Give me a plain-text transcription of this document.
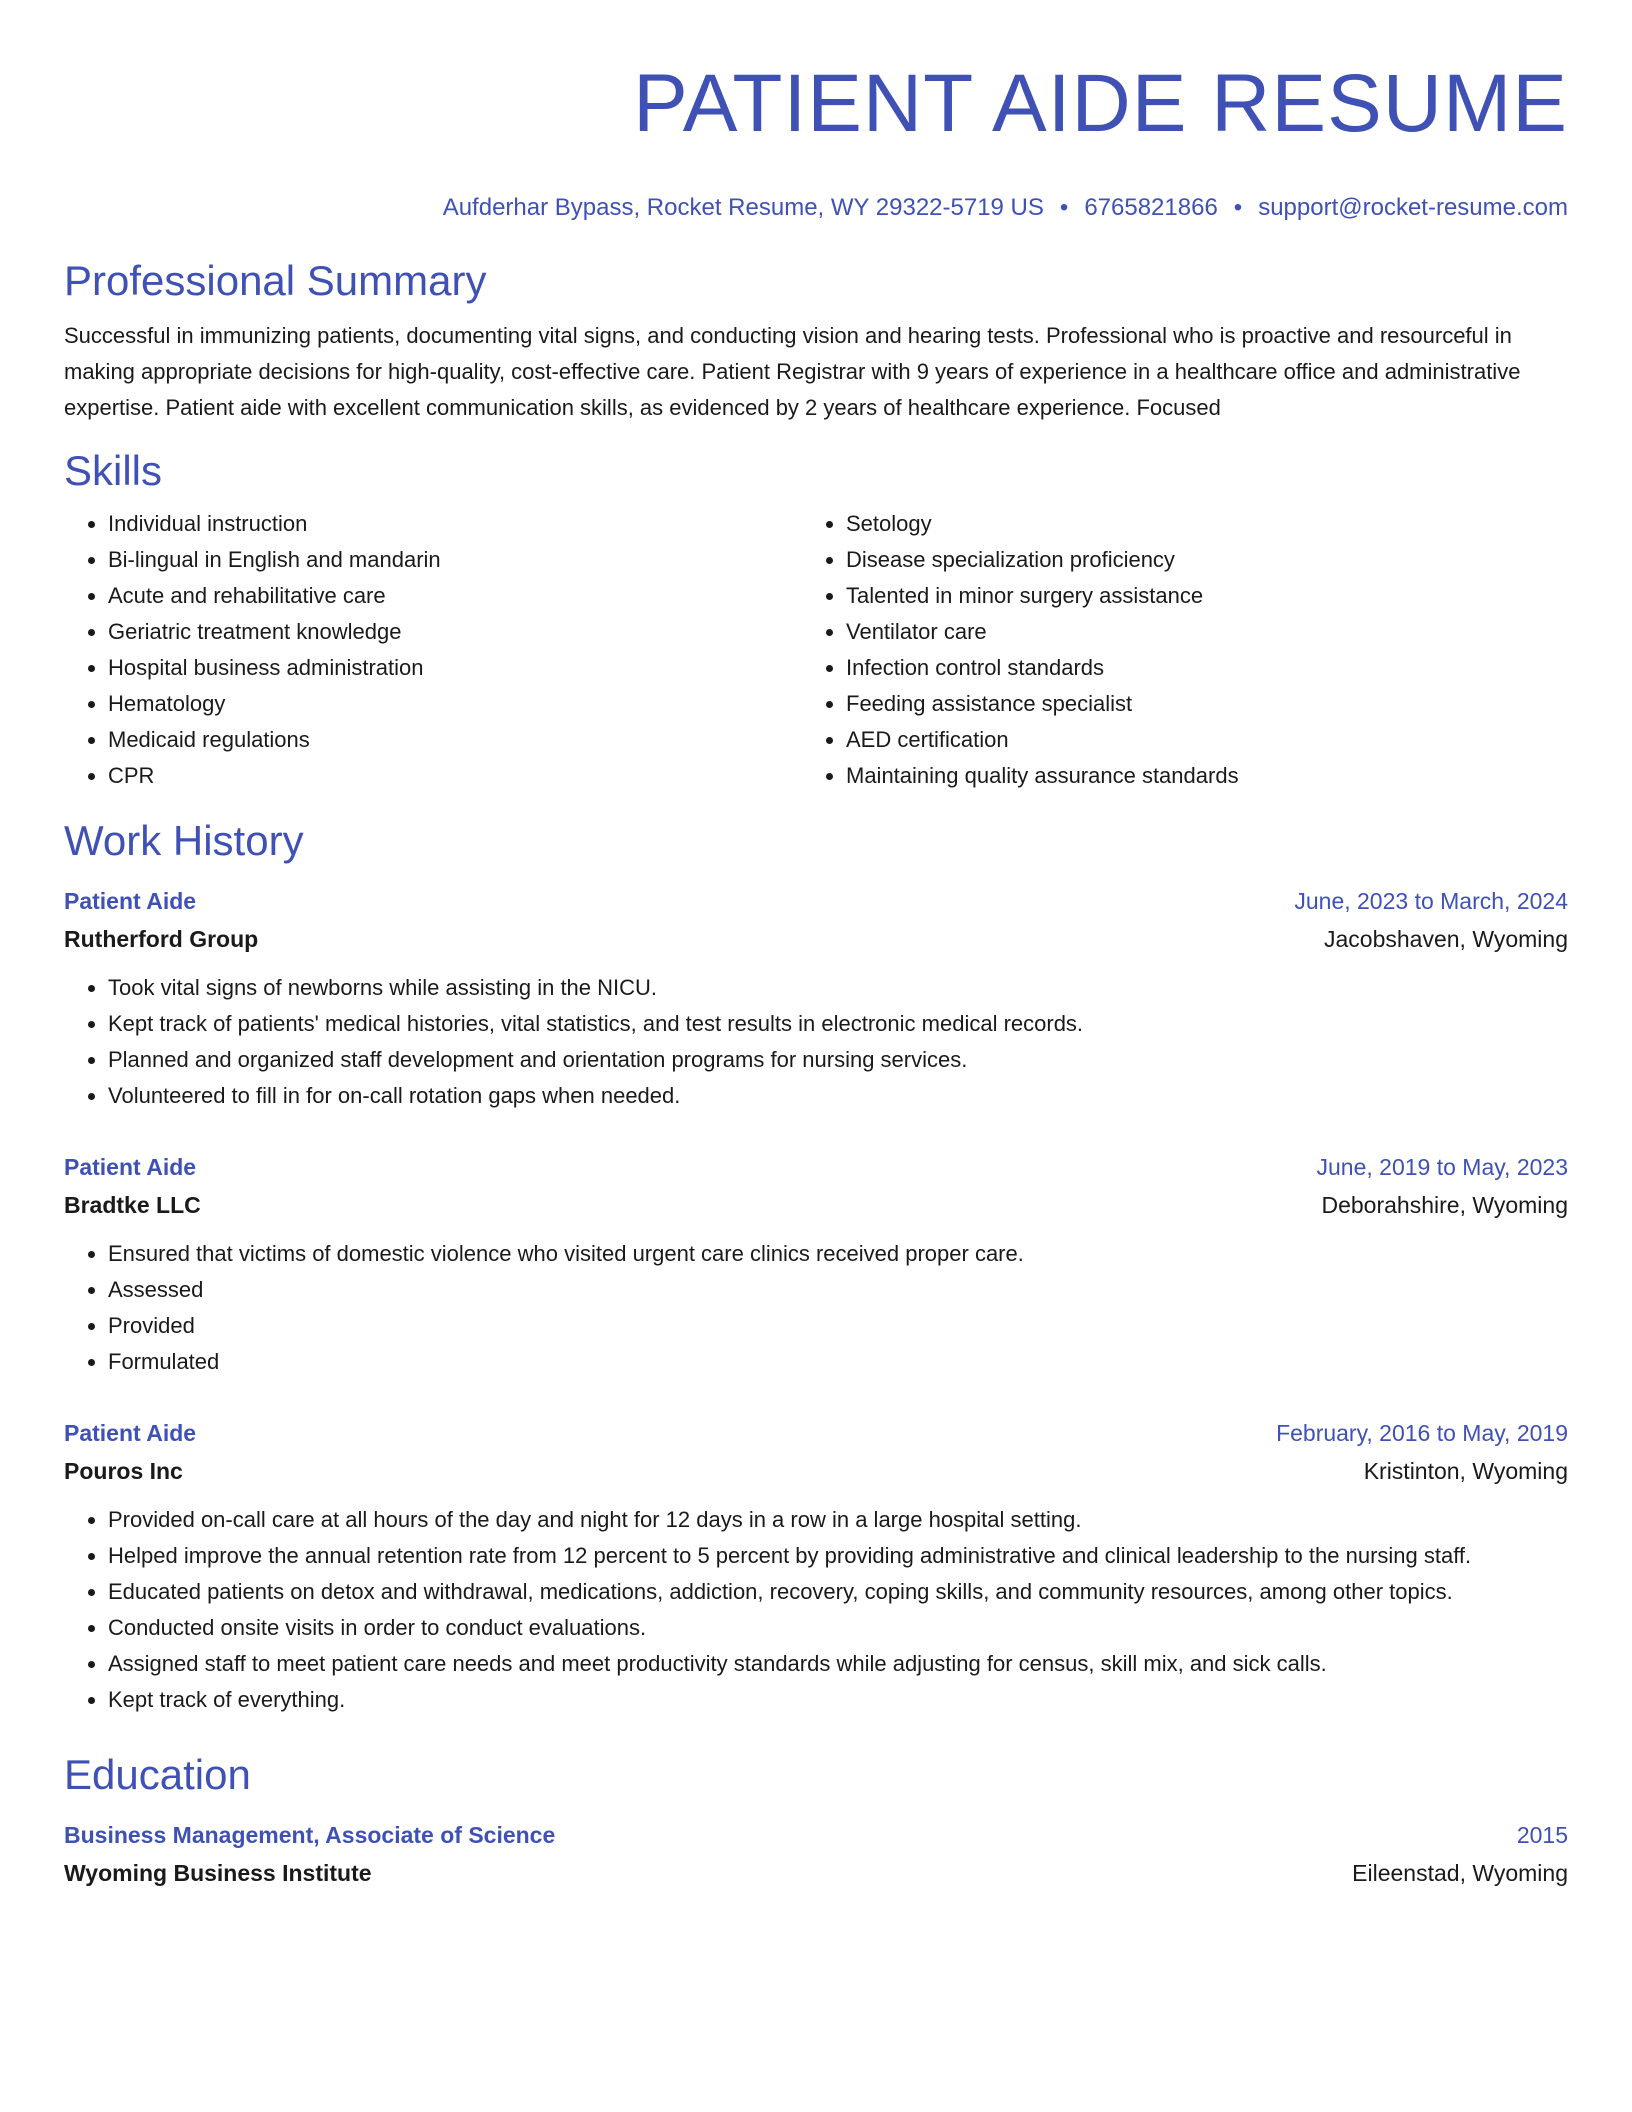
PATIENT AIDE RESUME
Aufderhar Bypass, Rocket Resume, WY 29322-5719 US • 6765821866 • support@rocket-resume.com
Professional Summary
Successful in immunizing patients, documenting vital signs, and conducting vision and hearing tests. Professional who is proactive and resourceful in making appropriate decisions for high-quality, cost-effective care. Patient Registrar with 9 years of experience in a healthcare office and administrative expertise. Patient aide with excellent communication skills, as evidenced by 2 years of healthcare experience. Focused
Skills
• Individual instruction
• Bi-lingual in English and mandarin
• Acute and rehabilitative care
• Geriatric treatment knowledge
• Hospital business administration
• Hematology
• Medicaid regulations
• CPR
• Setology
• Disease specialization proficiency
• Talented in minor surgery assistance
• Ventilator care
• Infection control standards
• Feeding assistance specialist
• AED certification
• Maintaining quality assurance standards
Work History
Patient Aide	June, 2023 to March, 2024
Rutherford Group	Jacobshaven, Wyoming
• Took vital signs of newborns while assisting in the NICU.
• Kept track of patients' medical histories, vital statistics, and test results in electronic medical records.
• Planned and organized staff development and orientation programs for nursing services.
• Volunteered to fill in for on-call rotation gaps when needed.
Patient Aide	June, 2019 to May, 2023
Bradtke LLC	Deborahshire, Wyoming
• Ensured that victims of domestic violence who visited urgent care clinics received proper care.
• Assessed
• Provided
• Formulated
Patient Aide	February, 2016 to May, 2019
Pouros Inc	Kristinton, Wyoming
• Provided on-call care at all hours of the day and night for 12 days in a row in a large hospital setting.
• Helped improve the annual retention rate from 12 percent to 5 percent by providing administrative and clinical leadership to the nursing staff.
• Educated patients on detox and withdrawal, medications, addiction, recovery, coping skills, and community resources, among other topics.
• Conducted onsite visits in order to conduct evaluations.
• Assigned staff to meet patient care needs and meet productivity standards while adjusting for census, skill mix, and sick calls.
• Kept track of everything.
Education
Business Management, Associate of Science	2015
Wyoming Business Institute	Eileenstad, Wyoming
